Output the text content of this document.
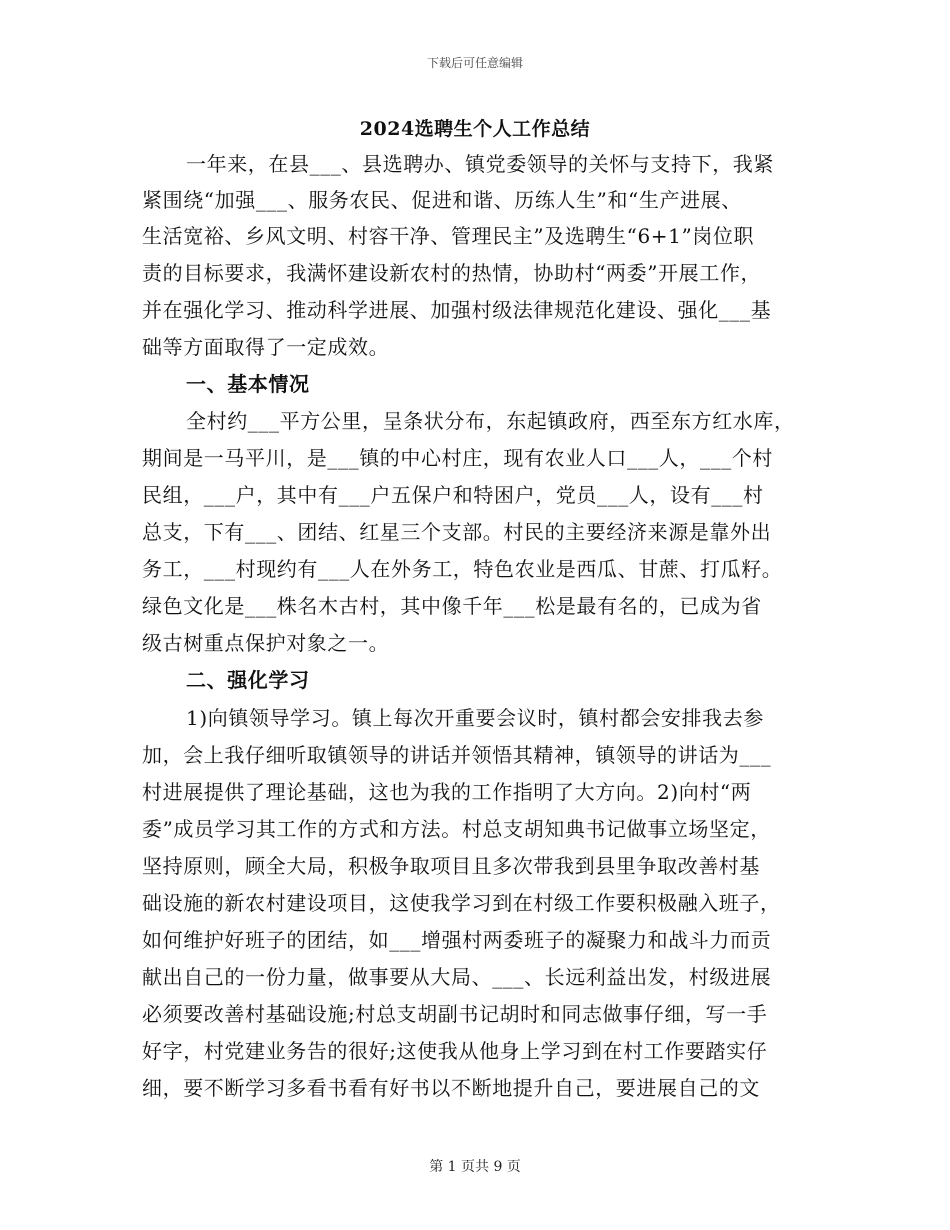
下载后可任意编辑
2024选聘生个人工作总结
一年来，在县___、县选聘办、镇党委领导的关怀与支持下，我紧
紧围绕“加强___、服务农民、促进和谐、历练人生”和“生产进展、
生活宽裕、乡风文明、村容干净、管理民主”及选聘生“6+1”岗位职
责的目标要求，我满怀建设新农村的热情，协助村“两委”开展工作，
并在强化学习、推动科学进展、加强村级法律规范化建设、强化___基
础等方面取得了一定成效。
一、基本情况
全村约___平方公里，呈条状分布，东起镇政府，西至东方红水库，
期间是一马平川，是___镇的中心村庄，现有农业人口___人，___个村
民组，___户，其中有___户五保户和特困户，党员___人，设有___村
总支，下有___、团结、红星三个支部。村民的主要经济来源是靠外出
务工，___村现约有___人在外务工，特色农业是西瓜、甘蔗、打瓜籽。
绿色文化是___株名木古村，其中像千年___松是最有名的，已成为省
级古树重点保护对象之一。
二、强化学习
1)向镇领导学习。镇上每次开重要会议时，镇村都会安排我去参
加，会上我仔细听取镇领导的讲话并领悟其精神，镇领导的讲话为___
村进展提供了理论基础，这也为我的工作指明了大方向。2)向村“两
委”成员学习其工作的方式和方法。村总支胡知典书记做事立场坚定，
坚持原则，顾全大局，积极争取项目且多次带我到县里争取改善村基
础设施的新农村建设项目，这使我学习到在村级工作要积极融入班子，
如何维护好班子的团结，如___增强村两委班子的凝聚力和战斗力而贡
献出自己的一份力量，做事要从大局、___、长远利益出发，村级进展
必须要改善村基础设施;村总支胡副书记胡时和同志做事仔细，写一手
好字，村党建业务告的很好;这使我从他身上学习到在村工作要踏实仔
细，要不断学习多看书看有好书以不断地提升自己，要进展自己的文
第 1 页共 9 页
